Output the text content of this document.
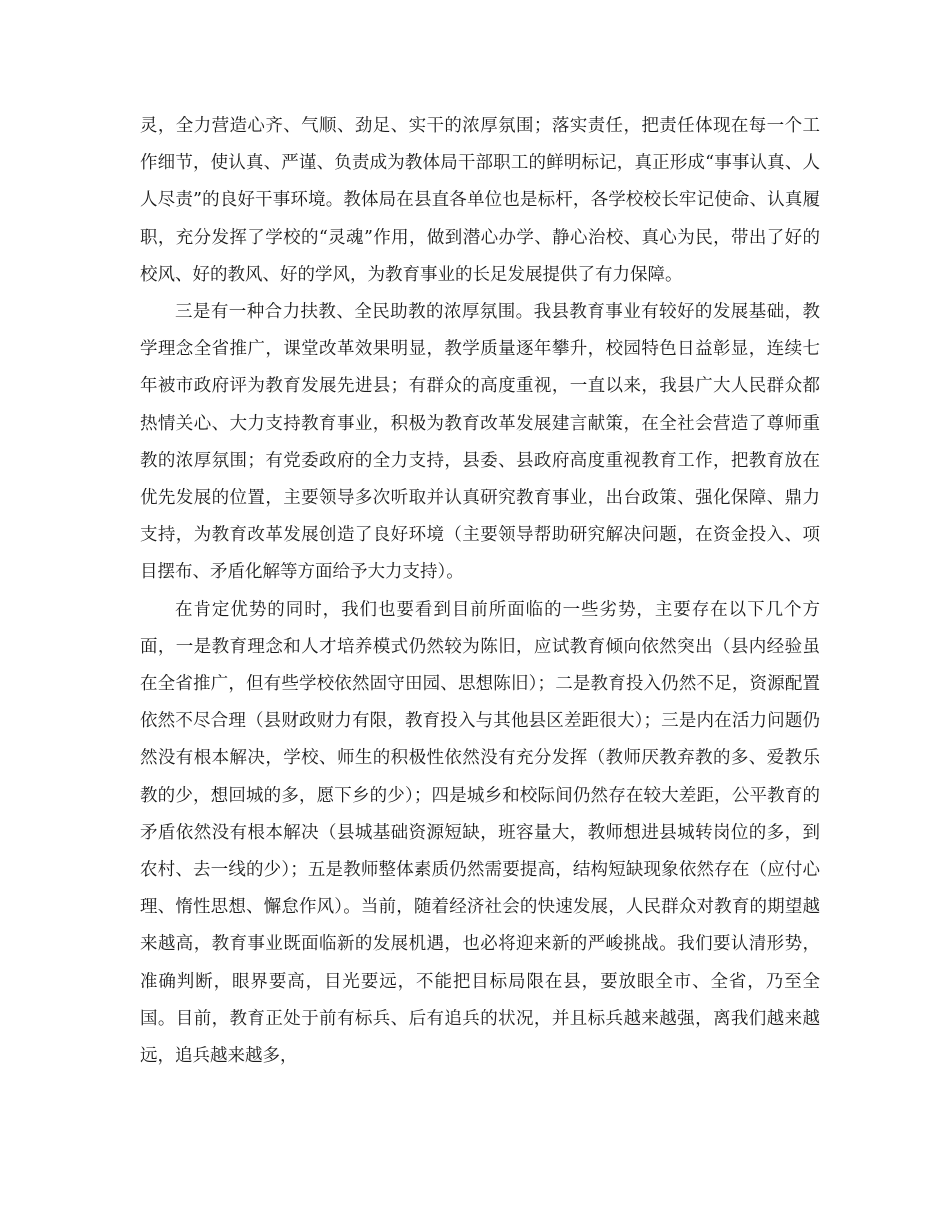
灵，全力营造心齐、气顺、劲足、实干的浓厚氛围；落实责任，把责任体现在每一个工作细节，使认真、严谨、负责成为教体局干部职工的鲜明标记，真正形成“事事认真、人人尽责”的良好干事环境。教体局在县直各单位也是标杆，各学校校长牢记使命、认真履职，充分发挥了学校的“灵魂”作用，做到潜心办学、静心治校、真心为民，带出了好的校风、好的教风、好的学风，为教育事业的长足发展提供了有力保障。

三是有一种合力扶教、全民助教的浓厚氛围。我县教育事业有较好的发展基础，教学理念全省推广，课堂改革效果明显，教学质量逐年攀升，校园特色日益彰显，连续七年被市政府评为教育发展先进县；有群众的高度重视，一直以来，我县广大人民群众都热情关心、大力支持教育事业，积极为教育改革发展建言献策，在全社会营造了尊师重教的浓厚氛围；有党委政府的全力支持，县委、县政府高度重视教育工作，把教育放在优先发展的位置，主要领导多次听取并认真研究教育事业，出台政策、强化保障、鼎力支持，为教育改革发展创造了良好环境（主要领导帮助研究解决问题，在资金投入、项目摆布、矛盾化解等方面给予大力支持）。

在肯定优势的同时，我们也要看到目前所面临的一些劣势，主要存在以下几个方面，一是教育理念和人才培养模式仍然较为陈旧，应试教育倾向依然突出（县内经验虽在全省推广，但有些学校依然固守田园、思想陈旧）；二是教育投入仍然不足，资源配置依然不尽合理（县财政财力有限，教育投入与其他县区差距很大）；三是内在活力问题仍然没有根本解决，学校、师生的积极性依然没有充分发挥（教师厌教弃教的多、爱教乐教的少，想回城的多，愿下乡的少）；四是城乡和校际间仍然存在较大差距，公平教育的矛盾依然没有根本解决（县城基础资源短缺，班容量大，教师想进县城转岗位的多，到农村、去一线的少）；五是教师整体素质仍然需要提高，结构短缺现象依然存在（应付心理、惰性思想、懈怠作风）。当前，随着经济社会的快速发展，人民群众对教育的期望越来越高，教育事业既面临新的发展机遇，也必将迎来新的严峻挑战。我们要认清形势，准确判断，眼界要高，目光要远，不能把目标局限在县，要放眼全市、全省，乃至全国。目前，教育正处于前有标兵、后有追兵的状况，并且标兵越来越强，离我们越来越远，追兵越来越多，
